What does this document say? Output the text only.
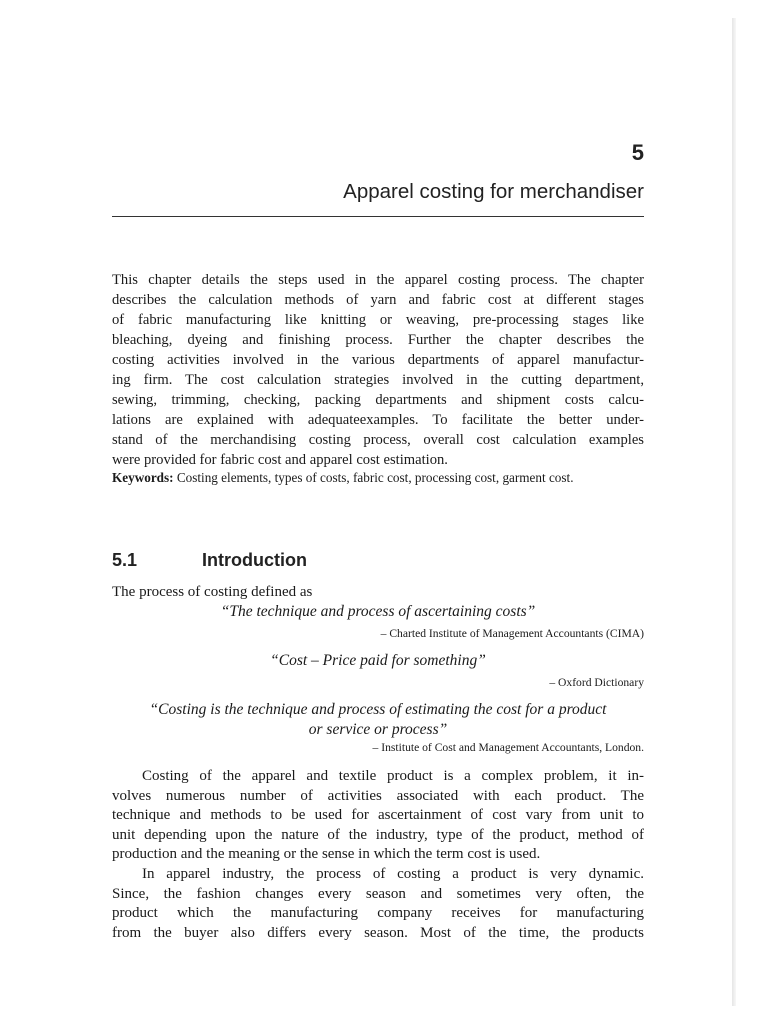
5
Apparel costing for merchandiser
This chapter details the steps used in the apparel costing process. The chapter
describes the calculation methods of yarn and fabric cost at different stages
of fabric manufacturing like knitting or weaving, pre-processing stages like
bleaching, dyeing and finishing process. Further the chapter describes the
costing activities involved in the various departments of apparel manufactur-
ing firm. The cost calculation strategies involved in the cutting department,
sewing, trimming, checking, packing departments and shipment costs calcu-
lations are explained with adequateexamples. To facilitate the better under-
stand of the merchandising costing process, overall cost calculation examples
were provided for fabric cost and apparel cost estimation.

Keywords: Costing elements, types of costs, fabric cost, processing cost, garment cost.

5.1	Introduction
The process of costing defined as
“The technique and process of ascertaining costs”
– Charted Institute of Management Accountants (CIMA)
“Cost – Price paid for something”
– Oxford Dictionary
“Costing is the technique and process of estimating the cost for a product
or service or process”
– Institute of Cost and Management Accountants, London.
Costing of the apparel and textile product is a complex problem, it in-
volves numerous number of activities associated with each product. The
technique and methods to be used for ascertainment of cost vary from unit to
unit depending upon the nature of the industry, type of the product, method of
production and the meaning or the sense in which the term cost is used.
In apparel industry, the process of costing a product is very dynamic.
Since, the fashion changes every season and sometimes very often, the
product which the manufacturing company receives for manufacturing
from the buyer also differs every season. Most of the time, the products
